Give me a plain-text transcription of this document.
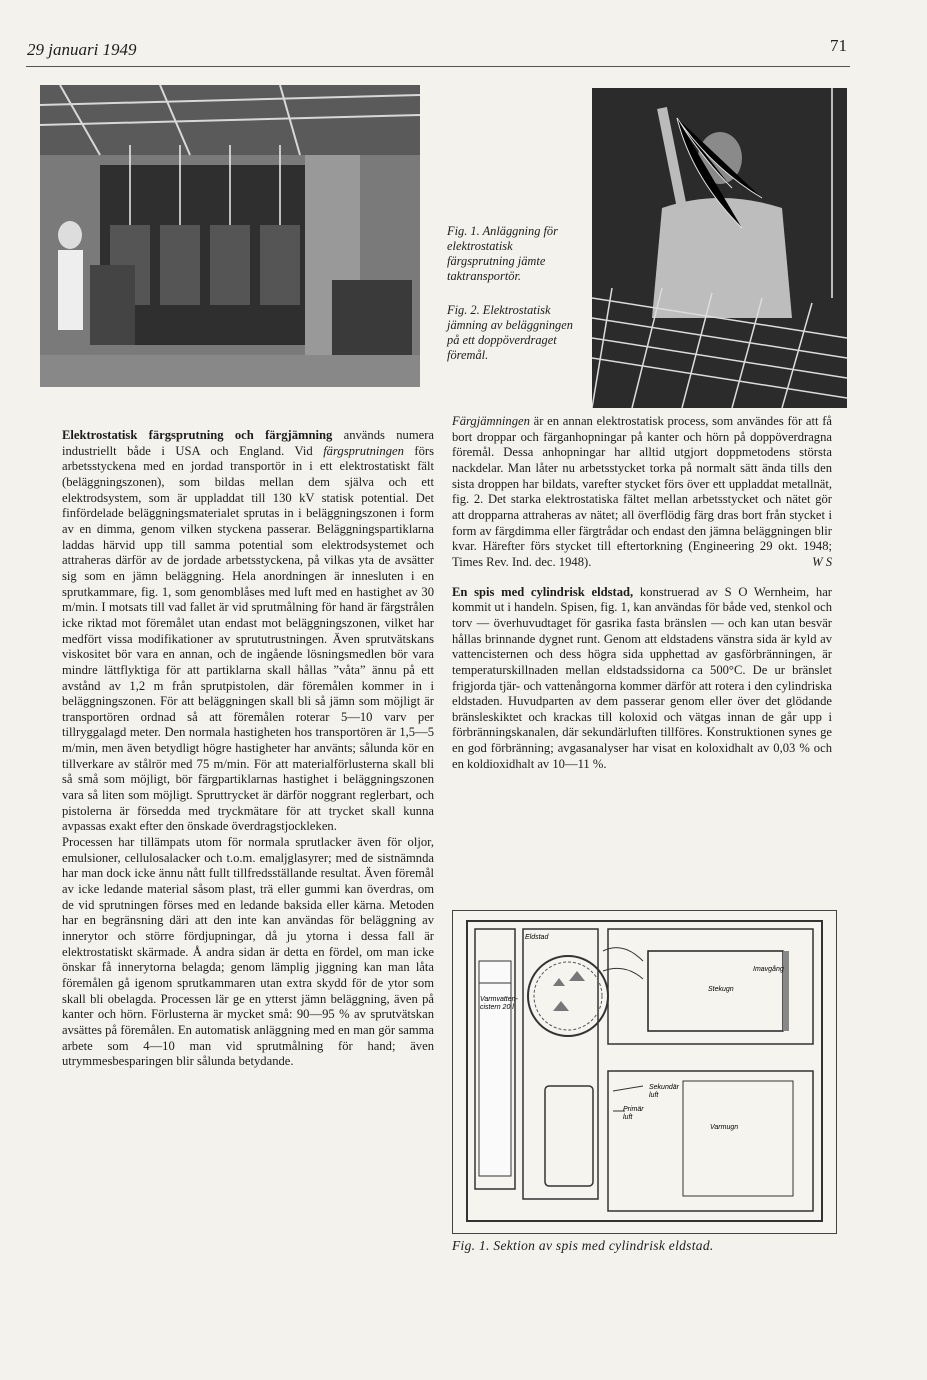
29 januari 1949	71
Fig. 1. Anläggning för elektrostatisk färgsprutning jämte taktransportör.
Fig. 2. Elektrostatisk jämning av beläggningen på ett doppöverdraget föremål.

Elektrostatisk färgsprutning och färgjämning används numera industriellt både i USA och England. Vid färgsprutningen förs arbetsstyckena med en jordad transportör in i ett elektrostatiskt fält (beläggningszonen), som bildas mellan dem själva och ett elektrodsystem, som är uppladdat till 130 kV statisk potential. Det finfördelade beläggningsmaterialet sprutas in i beläggningszonen i form av en dimma, genom vilken styckena passerar. Beläggningspartiklarna laddas härvid upp till samma potential som elektrodsystemet och attraheras därför av de jordade arbetsstyckena, på vilkas yta de avsätter sig som en jämn beläggning. Hela anordningen är innesluten i en sprutkammare, fig. 1, som genomblåses med luft med en hastighet av 30 m/min. I motsats till vad fallet är vid sprutmålning för hand är färgstrålen icke riktad mot föremålet utan endast mot beläggningszonen, vilket har medfört vissa modifikationer av sprututrustningen. Även sprutvätskans viskositet bör vara en annan, och de ingående lösningsmedlen bör vara mindre lättflyktiga för att partiklarna skall hållas ”våta” ännu på ett avstånd av 1,2 m från sprutpistolen, där föremålen kommer in i beläggningszonen. För att beläggningen skall bli så jämn som möjligt är transportören ordnad så att föremålen roterar 5—10 varv per tillryggalagd meter. Den normala hastigheten hos transportören är 1,5—5 m/min, men även betydligt högre hastigheter har använts; sålunda kör en tillverkare av stålrör med 75 m/min. För att materialförlusterna skall bli så små som möjligt, bör färgpartiklarnas hastighet i beläggningszonen vara så liten som möjligt. Spruttrycket är därför noggrant reglerbart, och pistolerna är försedda med tryckmätare för att trycket skall kunna avpassas exakt efter den önskade överdragstjockleken.

Processen har tillämpats utom för normala sprutlacker även för oljor, emulsioner, cellulosalacker och t.o.m. emaljglasyrer; med de sistnämnda har man dock icke ännu nått fullt tillfredsställande resultat. Även föremål av icke ledande material såsom plast, trä eller gummi kan överdras, om de vid sprutningen förses med en ledande baksida eller kärna. Metoden har en begränsning däri att den inte kan användas för beläggning av innerytor och större fördjupningar, då ju ytorna i dessa fall är elektrostatiskt skärmade. Å andra sidan är detta en fördel, om man icke önskar få innerytorna belagda; genom lämplig jiggning kan man låta föremålen gå igenom sprutkammaren utan extra skydd för de ytor som skall bli obelagda. Processen lär ge en ytterst jämn beläggning, även på kanter och hörn. Förlusterna är mycket små: 90—95 % av sprutvätskan avsättes på föremålen. En automatisk anläggning med en man gör samma arbete som 4—10 man vid sprutmålning för hand; även utrymmesbesparingen blir sålunda betydande.

Färgjämningen är en annan elektrostatisk process, som användes för att få bort droppar och färganhopningar på kanter och hörn på doppöverdragna föremål. Dessa anhopningar har alltid utgjort doppmetodens största nackdelar. Man låter nu arbetsstycket torka på normalt sätt ända tills den sista droppen har bildats, varefter stycket förs över ett uppladdat metallnät, fig. 2. Det starka elektrostatiska fältet mellan arbetsstycket och nätet gör att dropparna attraheras av nätet; all överflödig färg dras bort från stycket i form av färgdimma eller färgtrådar och endast den jämna beläggningen blir kvar. Härefter förs stycket till eftertorkning (Engineering 29 okt. 1948; Times Rev. Ind. dec. 1948).	W S

En spis med cylindrisk eldstad, konstruerad av S O Wernheim, har kommit ut i handeln. Spisen, fig. 1, kan användas för både ved, stenkol och torv — överhuvudtaget för gasrika fasta bränslen — och kan utan besvär hållas brinnande dygnet runt. Genom att eldstadens vänstra sida är kyld av vattencisternen och dess högra sida upphettad av gasförbränningen, är temperaturskillnaden mellan eldstadssidorna ca 500°C. De ur bränslet frigjorda tjär- och vattenångorna kommer därför att rotera i den cylindriska eldstaden. Huvudparten av dem passerar genom eller över det glödande bränsleskiktet och krackas till koloxid och vätgas innan de går upp i förbränningskanalen, där sekundärluften tillföres. Konstruktionen synes ge en god förbränning; avgasanalyser har visat en koloxidhalt av 0,03 % och en koldioxidhalt av 10—11 %.

Varmvatten-
cistern 20 l
Eldstad
Imavgång
Stekugn
Varmugn
Sekundär
luft
Primär
luft
Fig. 1. Sektion av spis med cylindrisk eldstad.
